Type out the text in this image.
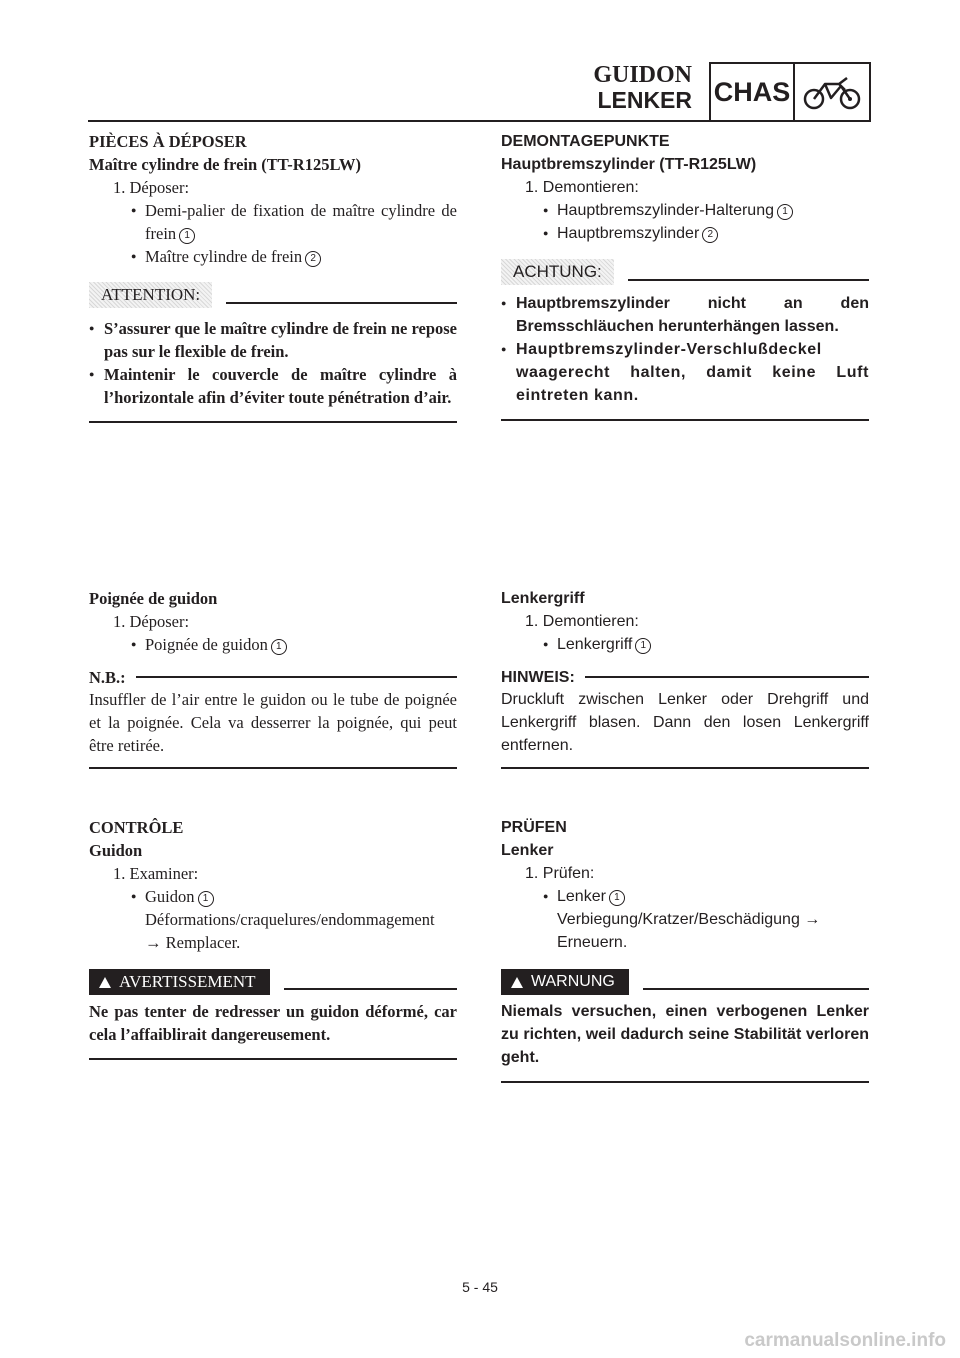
GUIDON
LENKER CHAS
PIÈCES À DÉPOSER
Maître cylindre de frein (TT-R125LW)
1. Déposer:
● Demi-palier de fixation de maître cylindre de frein 1
● Maître cylindre de frein 2
ATTENTION:
● S’assurer que le maître cylindre de frein ne repose pas sur le flexible de frein.
● Maintenir le couvercle de maître cylindre à l’horizontale afin d’éviter toute pénétration d’air.
Poignée de guidon
1. Déposer:
● Poignée de guidon 1
N.B.:
Insuffler de l’air entre le guidon ou le tube de poignée et la poignée. Cela va desserrer la poignée, qui peut être retirée.
CONTRÔLE
Guidon
1. Examiner:
● Guidon 1
Déformations/craquelures/endommagement → Remplacer.
! AVERTISSEMENT
Ne pas tenter de redresser un guidon déformé, car cela l’affaiblirait dangereusement.
DEMONTAGEPUNKTE
Hauptbremszylinder (TT-R125LW)
1. Demontieren:
● Hauptbremszylinder-Halterung 1
● Hauptbremszylinder 2
ACHTUNG:
● Hauptbremszylinder nicht an den Bremsschläuchen herunterhängen lassen.
● Hauptbremszylinder-Verschlußdeckel waagerecht halten, damit keine Luft eintreten kann.
Lenkergriff
1. Demontieren:
● Lenkergriff 1
HINWEIS:
Druckluft zwischen Lenker oder Drehgriff und Lenkergriff blasen. Dann den losen Lenkergriff entfernen.
PRÜFEN
Lenker
1. Prüfen:
● Lenker 1
Verbiegung/Kratzer/Beschädigung → Erneuern.
!
WARNUNG
Niemals versuchen, einen verbogenen Lenker zu richten, weil dadurch seine Stabilität verloren geht.
5 - 45
carmanualsonline.info
